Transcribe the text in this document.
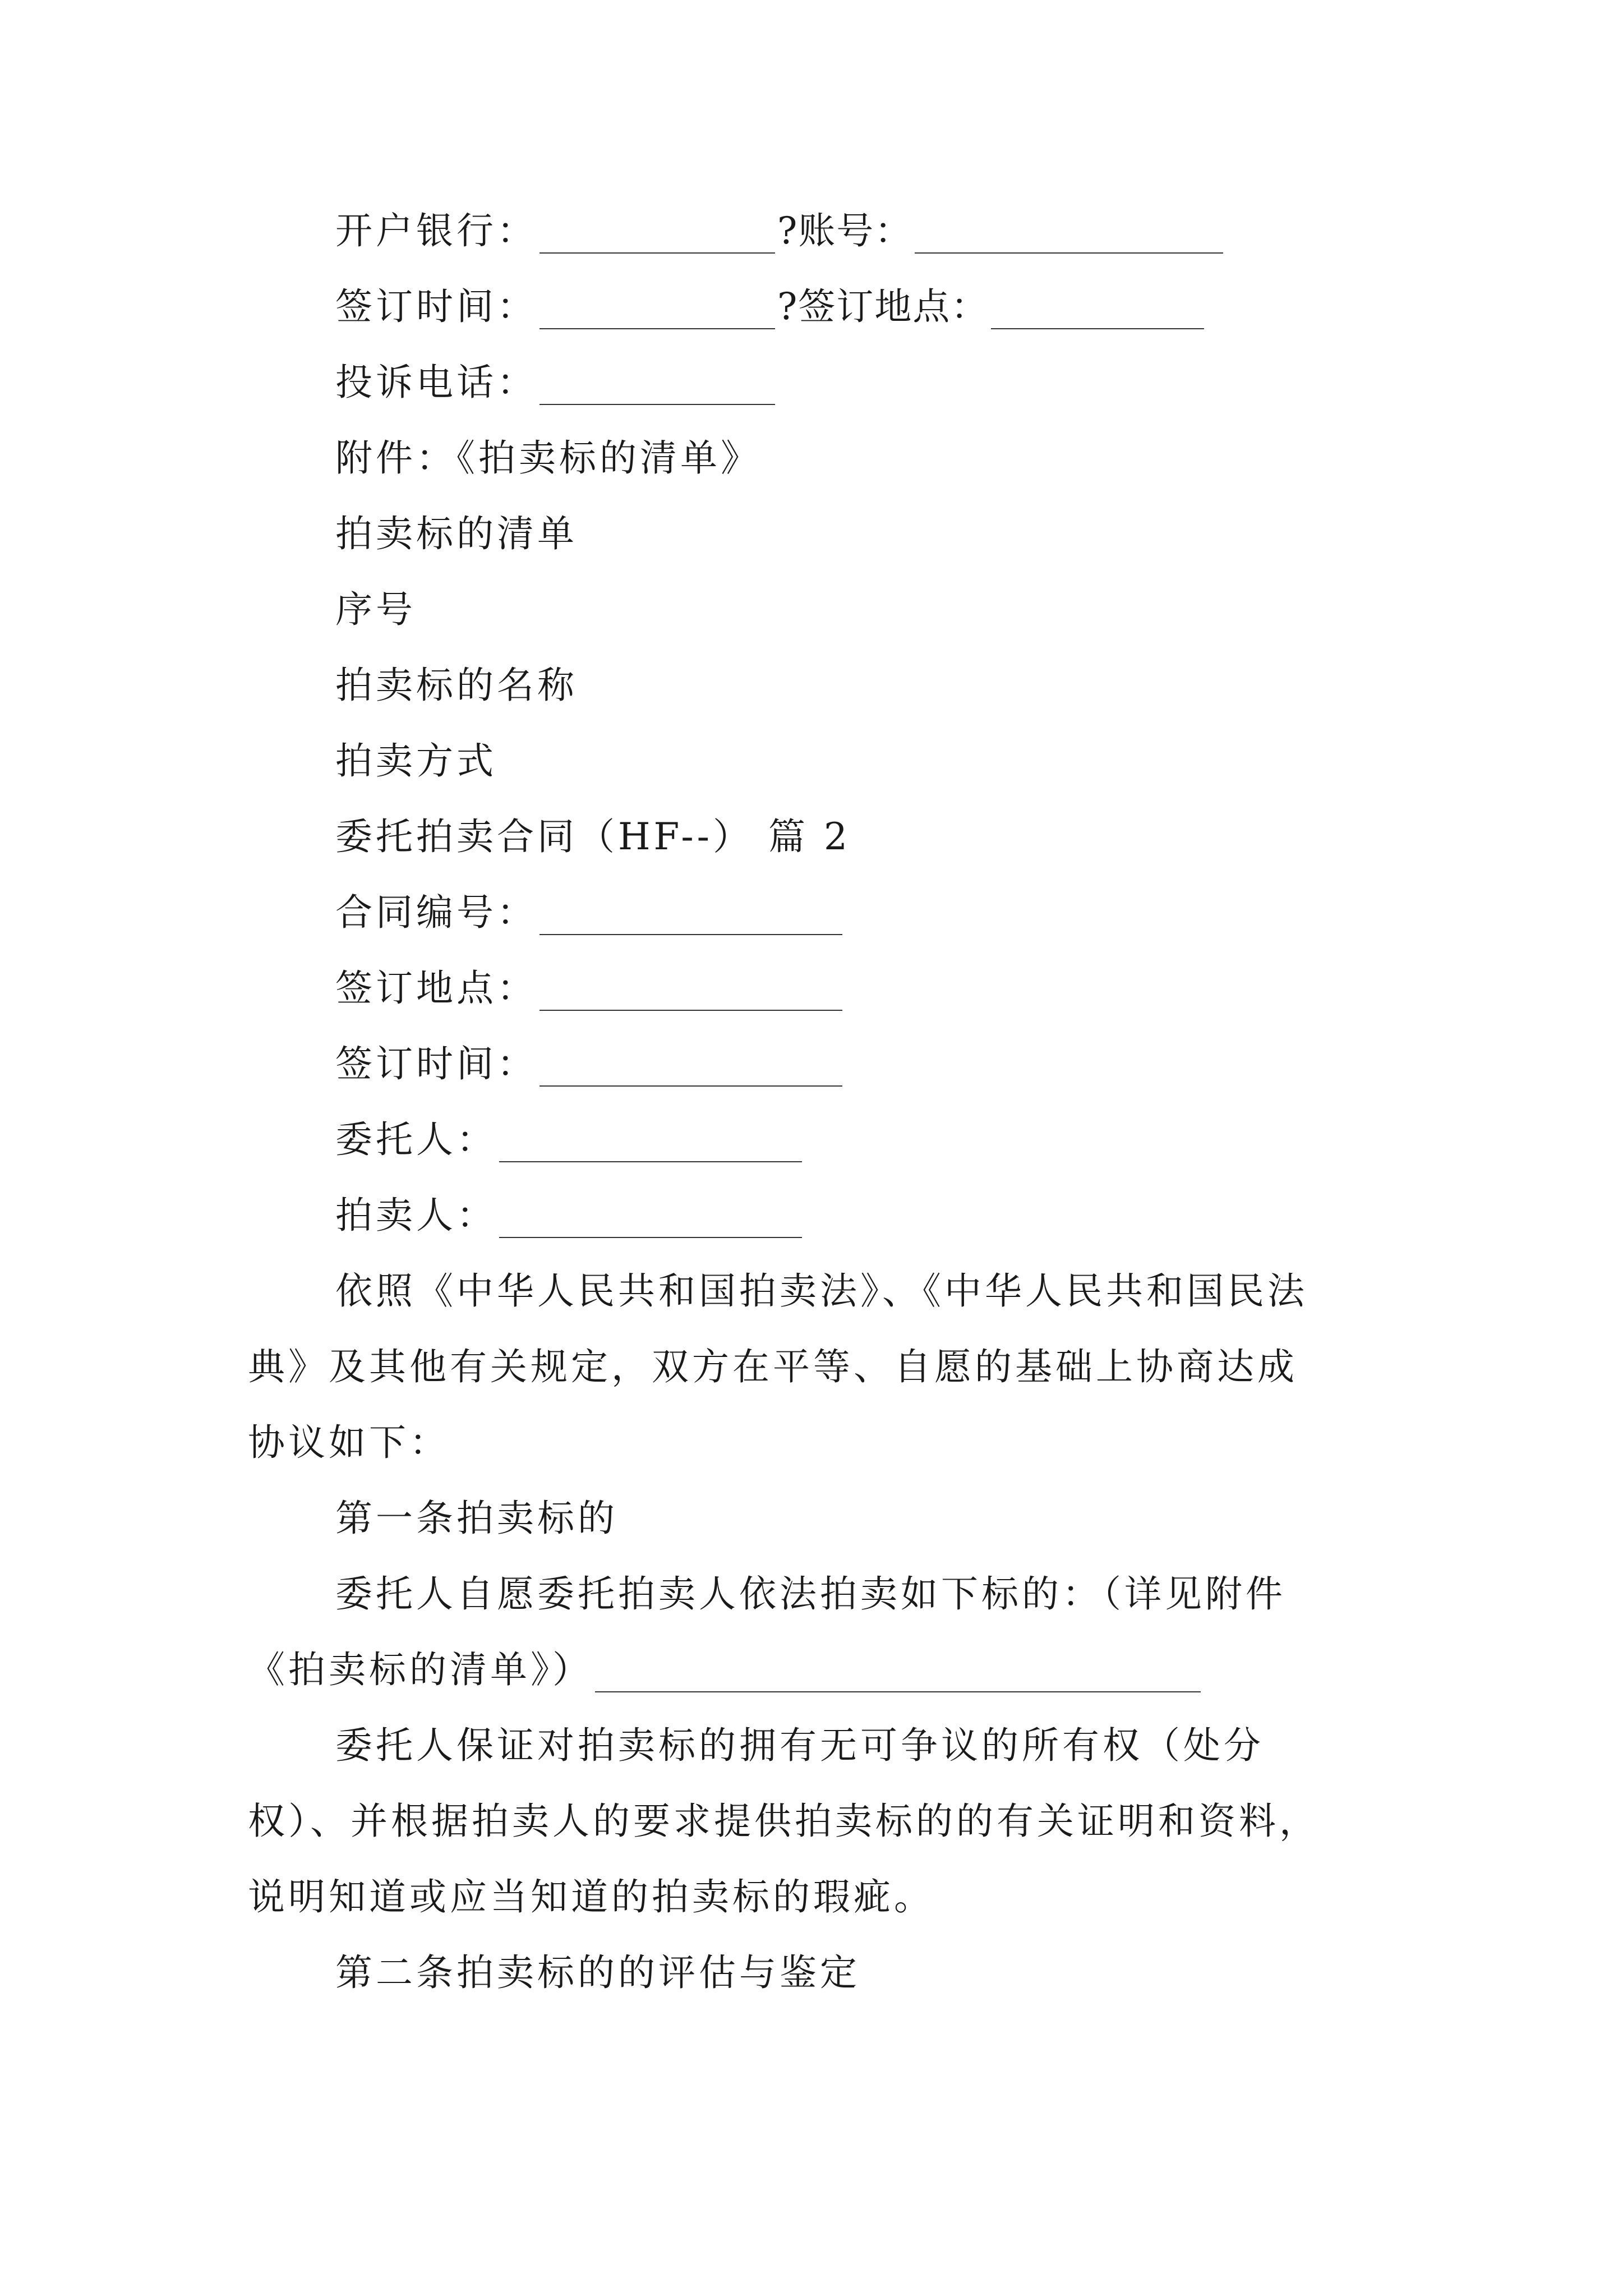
开户银行：	?账号：
签订时间：	?签订地点：
投诉电话：
附件：《拍卖标的清单》
拍卖标的清单
序号
拍卖标的名称
拍卖方式
委托拍卖合同（HF--） 篇 2
合同编号：
签订地点：
签订时间：
委托人：
拍卖人：
依照《中华人民共和国拍卖法》、《中华人民共和国民法
典》及其他有关规定，双方在平等、自愿的基础上协商达成
协议如下：
第一条拍卖标的
委托人自愿委托拍卖人依法拍卖如下标的：（详见附件
《拍卖标的清单》）
委托人保证对拍卖标的拥有无可争议的所有权（处分
权）、并根据拍卖人的要求提供拍卖标的的有关证明和资料，
说明知道或应当知道的拍卖标的瑕疵。
第二条拍卖标的的评估与鉴定
